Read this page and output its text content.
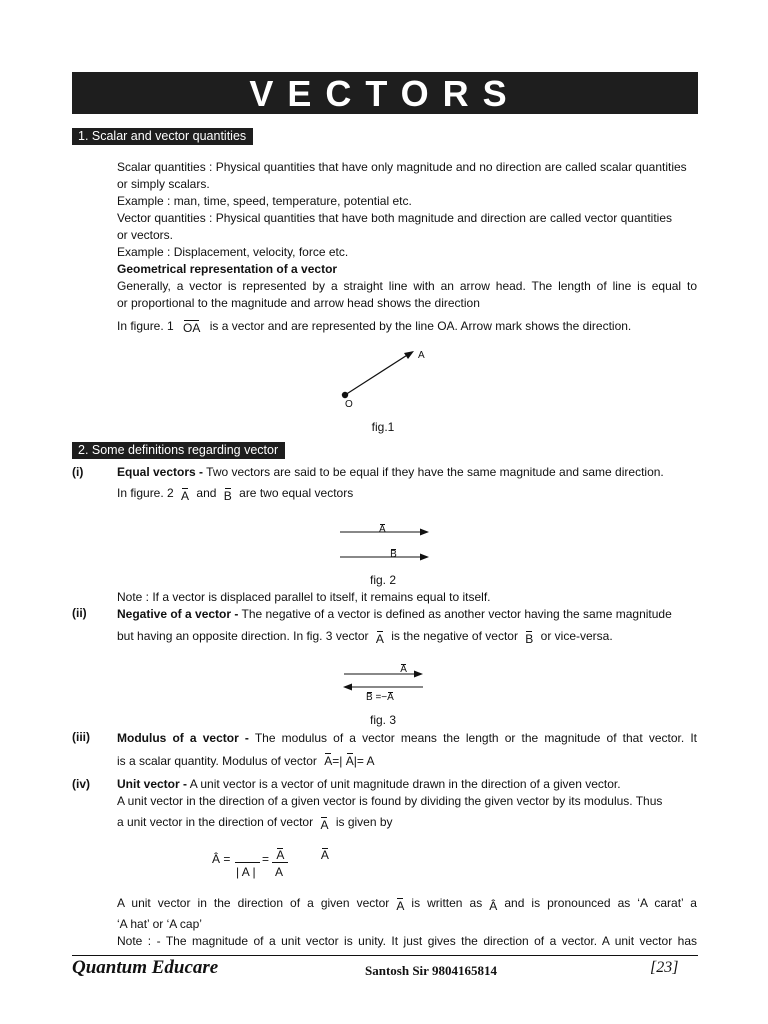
VECTORS
1. Scalar and vector quantities
Scalar quantities : Physical quantities that have only magnitude and no direction are called scalar quantities
or simply scalars.
Example : man, time, speed, temperature, potential etc.
Vector quantities : Physical quantities that have both magnitude and direction are called vector quantities
or vectors.
Example : Displacement, velocity, force etc.
Geometrical representation of a vector
Generally, a vector is represented by a straight line with an arrow head. The length of line is equal to
or proportional to the magnitude and arrow head shows the direction
In figure. 1 OA is a vector and are represented by the line OA. Arrow mark shows the direction.
A
O
fig.1
2. Some definitions regarding vector
(i)	Equal vectors - Two vectors are said to be equal if they have the same magnitude and same direction.
In figure. 2 A and B are two equal vectors
A B
fig. 2
Note : If a vector is displaced parallel to itself, it remains equal to itself.
(ii)	Negative of a vector - The negative of a vector is defined as another vector having the same magnitude
but having an opposite direction. In fig. 3 vector A is the negative of vector B or vice-versa.
A
B =−A
fig. 3
(iii) Modulus of a vector - The modulus of a vector means the length or the magnitude of that vector. It
is a scalar quantity. Modulus of vector A=| A|= A
(iv) Unit vector - A unit vector is a vector of unit magnitude drawn in the direction of a given vector.
A unit vector in the direction of a given vector is found by dividing the given vector by its modulus. Thus
a unit vector in the direction of vector A is given by
Â =	A
| A |
=	A
A
A unit vector in the direction of a given vector A is written as Â and is pronounced as ‘A carat’ a
‘A hat’ or ‘A cap’
Note : - The magnitude of a unit vector is unity. It just gives the direction of a vector. A unit vector has
Quantum Educare	Santosh Sir 9804165814	[23]
